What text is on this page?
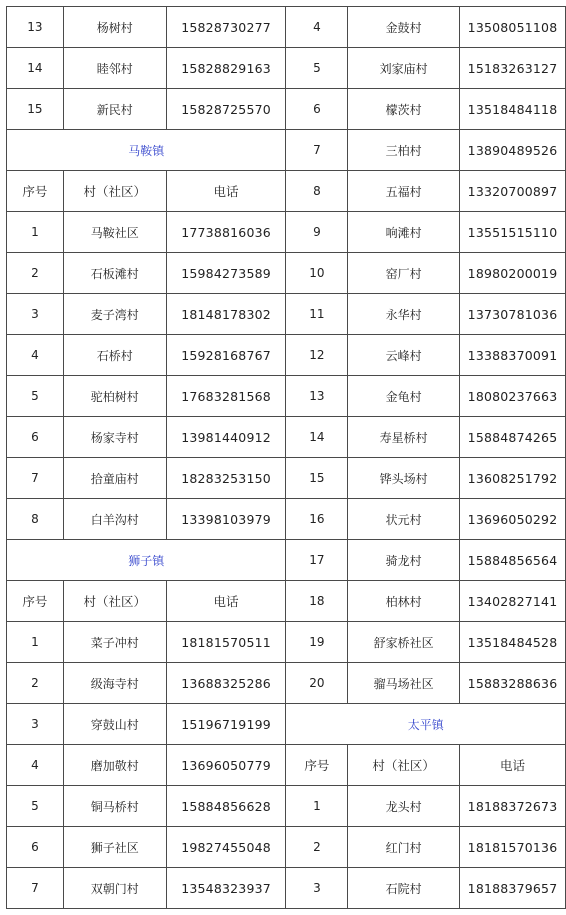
13	杨树村	15828730277	4	金鼓村	13508051108
14	睦邻村	15828829163	5	刘家庙村	15183263127
15	新民村	15828725570	6	檬茨村	13518484118
马鞍镇			7	三柏村	13890489526
序号	村（社区）	电话	8	五福村	13320700897
1	马鞍社区	17738816036	9	响滩村	13551515110
2	石板滩村	15984273589	10	窑厂村	18980200019
3	麦子湾村	18148178302	11	永华村	13730781036
4	石桥村	15928168767	12	云峰村	13388370091
5	驼柏树村	17683281568	13	金龟村	18080237663
6	杨家寺村	13981440912	14	寿星桥村	15884874265
7	拾童庙村	18283253150	15	铧头场村	13608251792
8	白羊沟村	13398103979	16	状元村	13696050292
狮子镇			17	骑龙村	15884856564
序号	村（社区）	电话	18	柏林村	13402827141
1	菜子冲村	18181570511	19	舒家桥社区	13518484528
2	级海寺村	13688325286	20	骝马场社区	15883288636
3	穿鼓山村	15196719199	太平镇		
4	磨加敬村	13696050779	序号	村（社区）	电话
5	铜马桥村	15884856628	1	龙头村	18188372673
6	狮子社区	19827455048	2	红门村	18181570136
7	双朝门村	13548323937	3	石院村	18188379657
